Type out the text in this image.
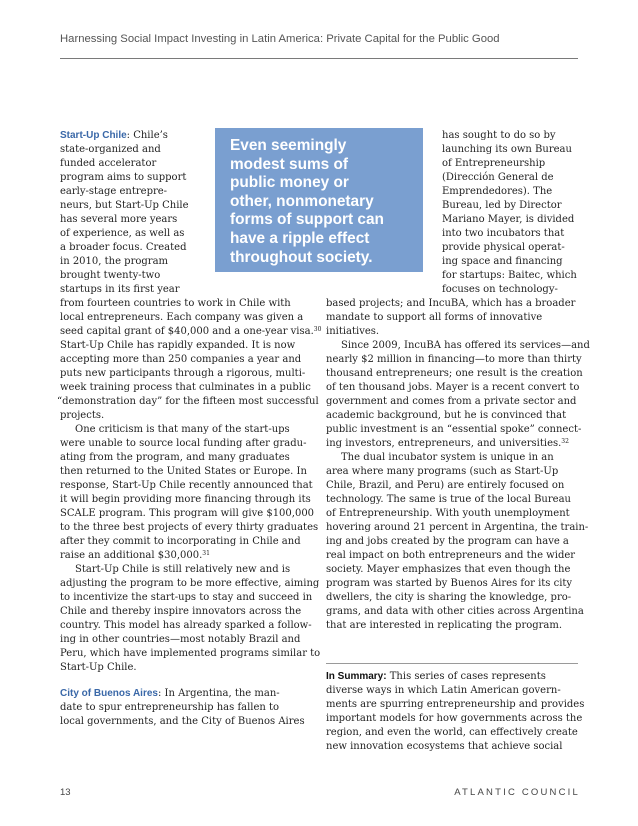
Harnessing Social Impact Investing in Latin America: Private Capital for the Public Good
Even seemingly
modest sums of
public money or
other, nonmonetary
forms of support can
have a ripple effect
throughout society.
Start-Up Chile: Chile’s
state-organized and
funded accelerator
program aims to support
early-stage entrepre-
neurs, but Start-Up Chile
has several more years
of experience, as well as
a broader focus. Created
in 2010, the program
brought twenty-two
startups in its first year
from fourteen countries to work in Chile with
local entrepreneurs. Each company was given a
seed capital grant of $40,000 and a one-year visa.$^{30}$
Start-Up Chile has rapidly expanded. It is now
accepting more than 250 companies a year and
puts new participants through a rigorous, multi-
week training process that culminates in a public
“demonstration day” for the fifteen most successful
projects.
One criticism is that many of the start-ups
were unable to source local funding after gradu-
ating from the program, and many graduates
then returned to the United States or Europe. In
response, Start-Up Chile recently announced that
it will begin providing more financing through its
SCALE program. This program will give $100,000
to the three best projects of every thirty graduates
after they commit to incorporating in Chile and
raise an additional $30,000.31
Start-Up Chile is still relatively new and is
adjusting the program to be more effective, aiming
to incentivize the start-ups to stay and succeed in
Chile and thereby inspire innovators across the
country. This model has already sparked a follow-
ing in other countries—most notably Brazil and
Peru, which have implemented programs similar to
Start-Up Chile.
City of Buenos Aires: In Argentina, the man-
date to spur entrepreneurship has fallen to
local governments, and the City of Buenos Aires
has sought to do so by
launching its own Bureau
of Entrepreneurship
(Dirección General de
Emprendedores). The
Bureau, led by Director
Mariano Mayer, is divided
into two incubators that
provide physical operat-
ing space and financing
for startups: Baitec, which
focuses on technology-
based projects; and IncuBA, which has a broader
mandate to support all forms of innovative
initiatives.
Since 2009, IncuBA has offered its services—and
nearly $2 million in financing—to more than thirty
thousand entrepreneurs; one result is the creation
of ten thousand jobs. Mayer is a recent convert to
government and comes from a private sector and
academic background, but he is convinced that
public investment is an “essential spoke” connect-
ing investors, entrepreneurs, and universities.$^{32}$
The dual incubator system is unique in an
area where many programs (such as Start-Up
Chile, Brazil, and Peru) are entirely focused on
technology. The same is true of the local Bureau
of Entrepreneurship. With youth unemployment
hovering around 21 percent in Argentina, the train-
ing and jobs created by the program can have a
real impact on both entrepreneurs and the wider
society. Mayer emphasizes that even though the
program was started by Buenos Aires for its city
dwellers, the city is sharing the knowledge, pro-
grams, and data with other cities across Argentina
that are interested in replicating the program.
In Summary: This series of cases represents
diverse ways in which Latin American govern-
ments are spurring entrepreneurship and provides
important models for how governments across the
region, and even the world, can effectively create
new innovation ecosystems that achieve social
13	ATLANTIC COUNCIL
